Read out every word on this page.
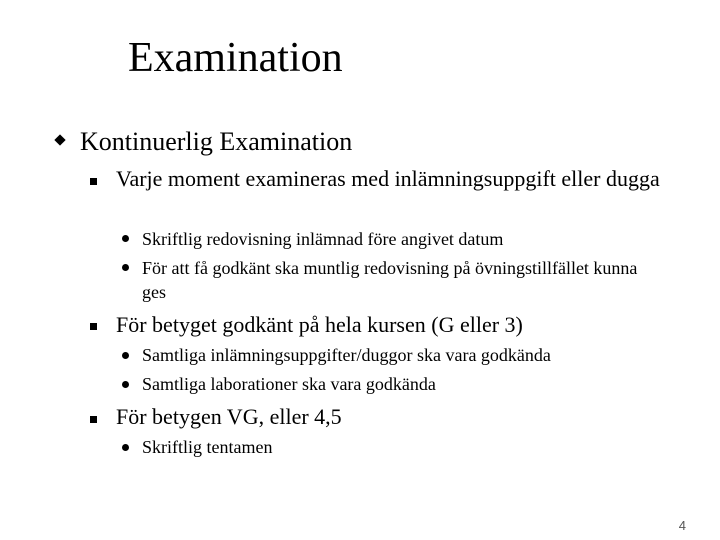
Examination
Kontinuerlig Examination
Varje moment examineras med inlämningsuppgift eller dugga
Skriftlig redovisning inlämnad före angivet datum
För att få godkänt ska muntlig redovisning på övningstillfället kunna ges
För betyget godkänt på hela kursen (G eller 3)
Samtliga inlämningsuppgifter/duggor ska vara godkända
Samtliga laborationer ska vara godkända
För betygen VG, eller 4,5
Skriftlig tentamen
4
